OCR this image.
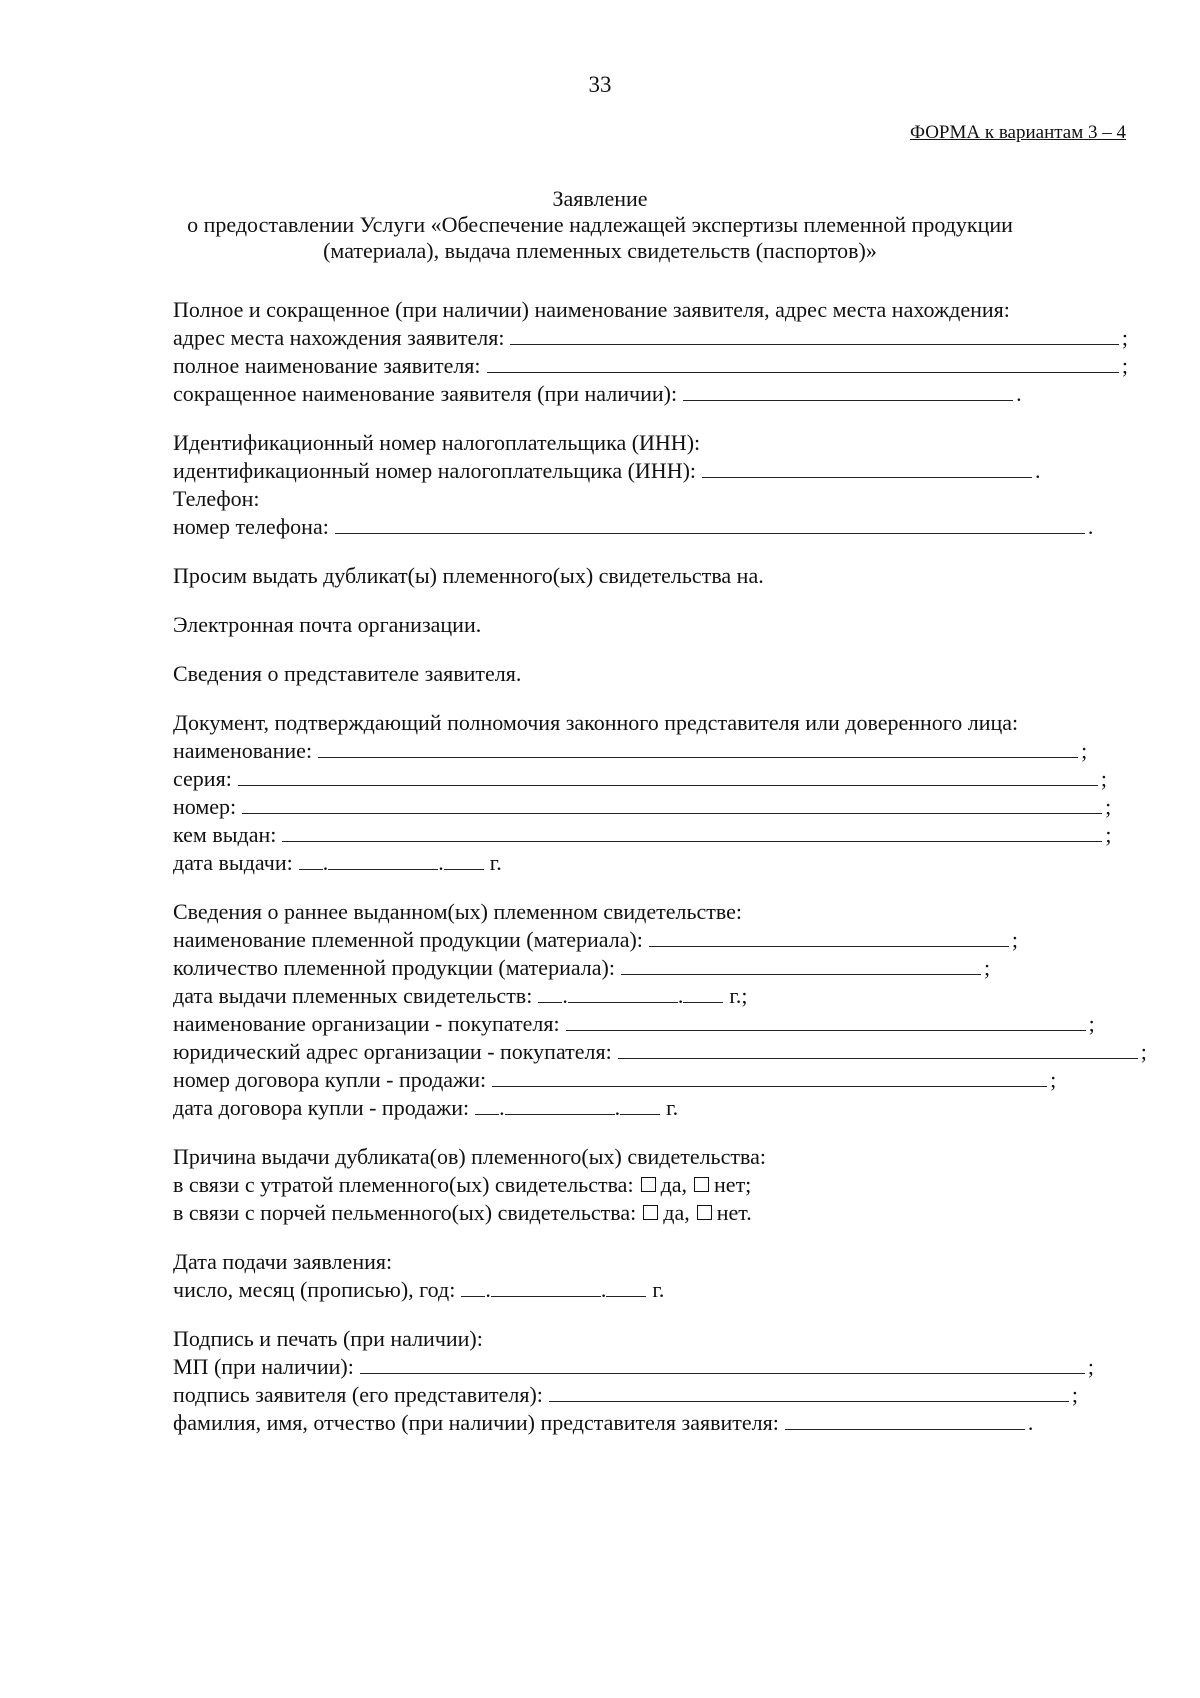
33
ФОРМА к вариантам 3 – 4
Заявление
о предоставлении Услуги «Обеспечение надлежащей экспертизы племенной продукции
(материала), выдача племенных свидетельств (паспортов)»
Полное и сокращенное (при наличии) наименование заявителя, адрес места нахождения:
адрес места нахождения заявителя:	;
полное наименование заявителя:	;
сокращенное наименование заявителя (при наличии):	.
Идентификационный номер налогоплательщика (ИНН):
идентификационный номер налогоплательщика (ИНН):	.
Телефон:
номер телефона:	.
Просим выдать дубликат(ы) племенного(ых) свидетельства на.
Электронная почта организации.
Сведения о представителе заявителя.
Документ, подтверждающий полномочия законного представителя или доверенного лица:
наименование:	;
серия:	;
номер:	;
кем выдан:	;
дата выдачи: .	. г.
Сведения о раннее выданном(ых) племенном свидетельстве:
наименование племенной продукции (материала):	;
количество племенной продукции (материала):	;
дата выдачи племенных свидетельств: .	. г.;
наименование организации - покупателя:	;
юридический адрес организации - покупателя:	;
номер договора купли - продажи:	;
дата договора купли - продажи: .	. г.
Причина выдачи дубликата(ов) племенного(ых) свидетельства:
в связи с утратой племенного(ых) свидетельства: да, нет;
в связи с порчей пельменного(ых) свидетельства: да, нет.
Дата подачи заявления:
число, месяц (прописью), год: .	. г.
Подпись и печать (при наличии):
МП (при наличии):	;
подпись заявителя (его представителя):	;
фамилия, имя, отчество (при наличии) представителя заявителя:	.
